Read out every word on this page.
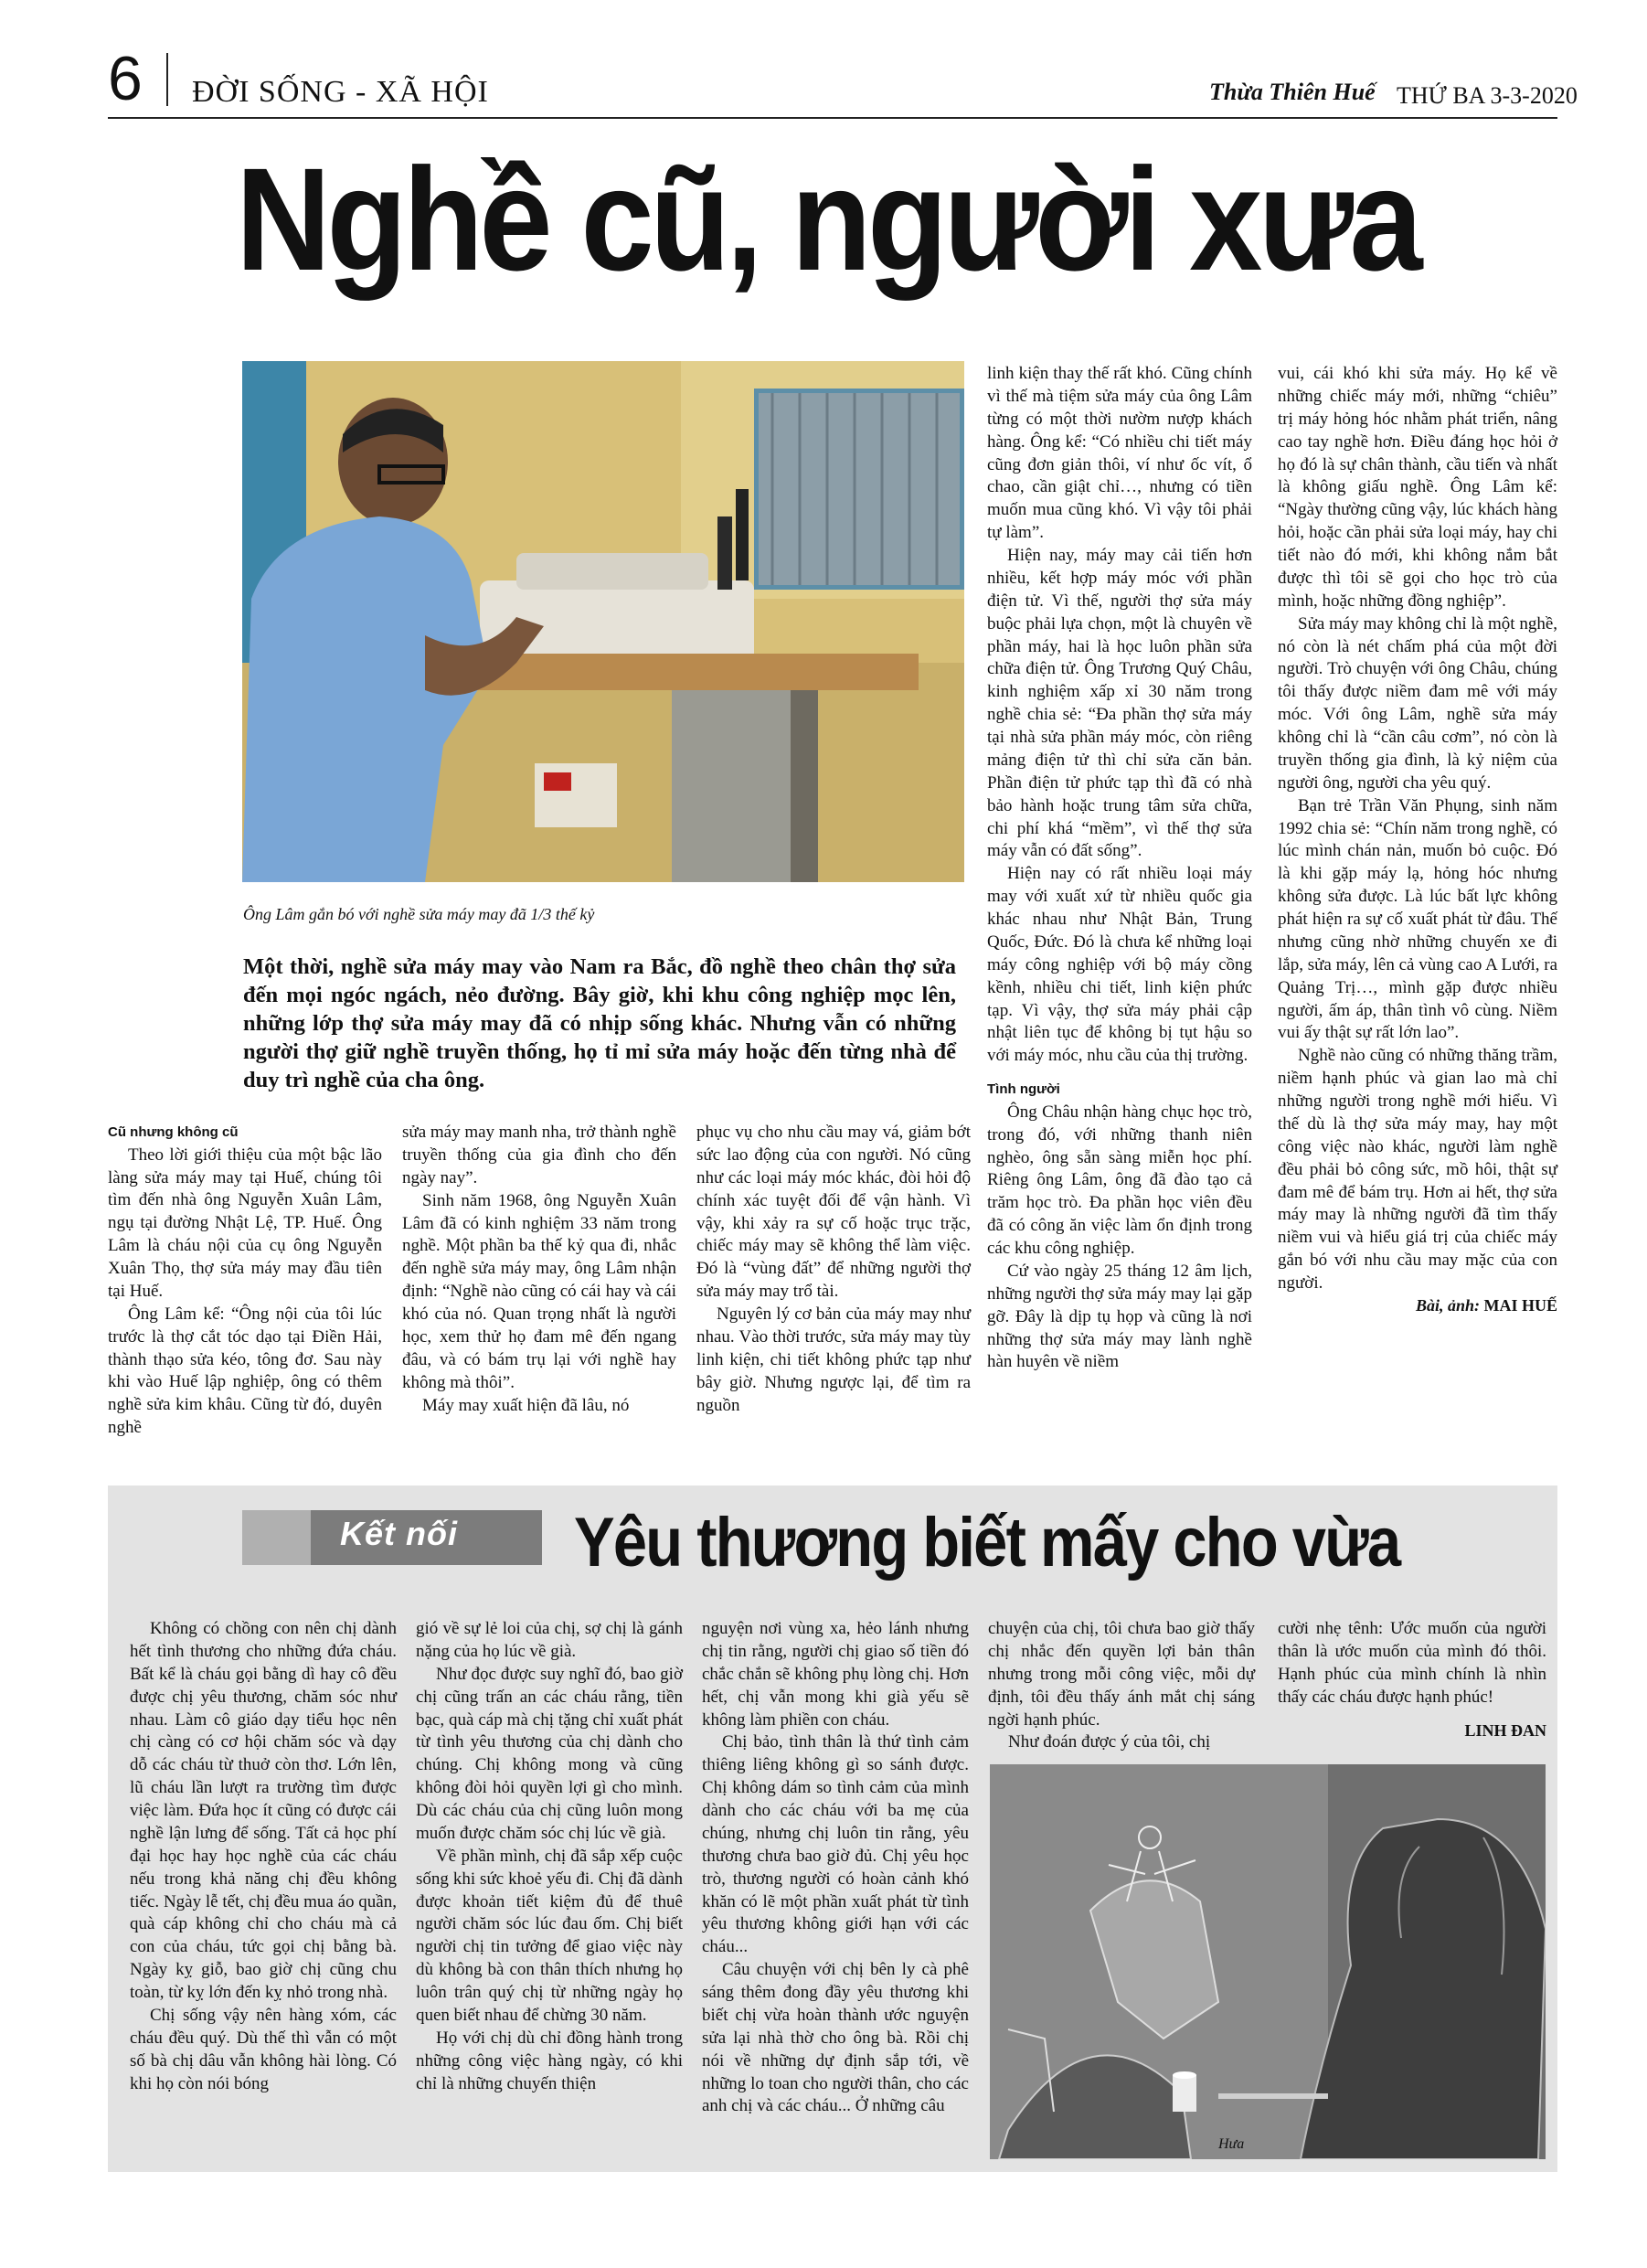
6 ĐỜI SỐNG - XÃ HỘI	Thừa Thiên Huế THỨ BA 3-3-2020
Nghề cũ, người xưa
Ông Lâm gắn bó với nghề sửa máy may đã 1/3 thế kỷ
Một thời, nghề sửa máy may vào Nam ra Bắc, đồ nghề theo chân thợ sửa đến mọi ngóc ngách, nẻo đường. Bây giờ, khi khu công nghiệp mọc lên, những lớp thợ sửa máy may đã có nhịp sống khác. Nhưng vẫn có những người thợ giữ nghề truyền thống, họ tỉ mỉ sửa máy hoặc đến từng nhà để duy trì nghề của cha ông.
Cũ nhưng không cũ

Theo lời giới thiệu của một bậc lão làng sửa máy may tại Huế, chúng tôi tìm đến nhà ông Nguyễn Xuân Lâm, ngụ tại đường Nhật Lệ, TP. Huế. Ông Lâm là cháu nội của cụ ông Nguyễn Xuân Thọ, thợ sửa máy may đầu tiên tại Huế.

Ông Lâm kể: “Ông nội của tôi lúc trước là thợ cắt tóc dạo tại Điền Hải, thành thạo sửa kéo, tông đơ. Sau này khi vào Huế lập nghiệp, ông có thêm nghề sửa kim khâu. Cũng từ đó, duyên nghề

sửa máy may manh nha, trở thành nghề truyền thống của gia đình cho đến ngày nay”.

Sinh năm 1968, ông Nguyễn Xuân Lâm đã có kinh nghiệm 33 năm trong nghề. Một phần ba thế kỷ qua đi, nhắc đến nghề sửa máy may, ông Lâm nhận định: “Nghề nào cũng có cái hay và cái khó của nó. Quan trọng nhất là người học, xem thử họ đam mê đến ngang đâu, và có bám trụ lại với nghề hay không mà thôi”.

Máy may xuất hiện đã lâu, nó

phục vụ cho nhu cầu may vá, giảm bớt sức lao động của con người. Nó cũng như các loại máy móc khác, đòi hỏi độ chính xác tuyệt đối để vận hành. Vì vậy, khi xảy ra sự cố hoặc trục trặc, chiếc máy may sẽ không thể làm việc. Đó là “vùng đất” để những người thợ sửa máy may trổ tài.

Nguyên lý cơ bản của máy may như nhau. Vào thời trước, sửa máy may tùy linh kiện, chi tiết không phức tạp như bây giờ. Nhưng ngược lại, để tìm ra nguồn

linh kiện thay thế rất khó. Cũng chính vì thế mà tiệm sửa máy của ông Lâm từng có một thời nườm nượp khách hàng. Ông kể: “Có nhiều chi tiết máy cũng đơn giản thôi, ví như ốc vít, ổ chao, cần giật chỉ…, nhưng có tiền muốn mua cũng khó. Vì vậy tôi phải tự làm”.

Hiện nay, máy may cải tiến hơn nhiều, kết hợp máy móc với phần điện tử. Vì thế, người thợ sửa máy buộc phải lựa chọn, một là chuyên về phần máy, hai là học luôn phần sửa chữa điện tử. Ông Trương Quý Châu, kinh nghiệm xấp xỉ 30 năm trong nghề chia sẻ: “Đa phần thợ sửa máy tại nhà sửa phần máy móc, còn riêng mảng điện tử thì chỉ sửa căn bản. Phần điện tử phức tạp thì đã có nhà bảo hành hoặc trung tâm sửa chữa, chi phí khá “mềm”, vì thế thợ sửa máy vẫn có đất sống”.

Hiện nay có rất nhiều loại máy may với xuất xứ từ nhiều quốc gia khác nhau như Nhật Bản, Trung Quốc, Đức. Đó là chưa kể những loại máy công nghiệp với bộ máy cồng kềnh, nhiều chi tiết, linh kiện phức tạp. Vì vậy, thợ sửa máy phải cập nhật liên tục để không bị tụt hậu so với máy móc, nhu cầu của thị trường.

Tình người

Ông Châu nhận hàng chục học trò, trong đó, với những thanh niên nghèo, ông sẵn sàng miễn học phí. Riêng ông Lâm, ông đã đào tạo cả trăm học trò. Đa phần học viên đều đã có công ăn việc làm ổn định trong các khu công nghiệp.

Cứ vào ngày 25 tháng 12 âm lịch, những người thợ sửa máy may lại gặp gỡ. Đây là dịp tụ họp và cũng là nơi những thợ sửa máy may lành nghề hàn huyên về niềm

vui, cái khó khi sửa máy. Họ kể về những chiếc máy mới, những “chiêu” trị máy hỏng hóc nhằm phát triển, nâng cao tay nghề hơn. Điều đáng học hỏi ở họ đó là sự chân thành, cầu tiến và nhất là không giấu nghề. Ông Lâm kể: “Ngày thường cũng vậy, lúc khách hàng hỏi, hoặc cần phải sửa loại máy, hay chi tiết nào đó mới, khi không nắm bắt được thì tôi sẽ gọi cho học trò của mình, hoặc những đồng nghiệp”.

Sửa máy may không chỉ là một nghề, nó còn là nét chấm phá của một đời người. Trò chuyện với ông Châu, chúng tôi thấy được niềm đam mê với máy móc. Với ông Lâm, nghề sửa máy không chỉ là “cần câu cơm”, nó còn là truyền thống gia đình, là kỷ niệm của người ông, người cha yêu quý.

Bạn trẻ Trần Văn Phụng, sinh năm 1992 chia sẻ: “Chín năm trong nghề, có lúc mình chán nản, muốn bỏ cuộc. Đó là khi gặp máy lạ, hỏng hóc nhưng không sửa được. Là lúc bất lực không phát hiện ra sự cố xuất phát từ đâu. Thế nhưng cũng nhờ những chuyến xe đi lắp, sửa máy, lên cả vùng cao A Lưới, ra Quảng Trị…, mình gặp được nhiều người, ấm áp, thân tình vô cùng. Niềm vui ấy thật sự rất lớn lao”.

Nghề nào cũng có những thăng trầm, niềm hạnh phúc và gian lao mà chỉ những người trong nghề mới hiểu. Vì thế dù là thợ sửa máy may, hay một công việc nào khác, người làm nghề đều phải bỏ công sức, mồ hôi, thật sự đam mê để bám trụ. Hơn ai hết, thợ sửa máy may là những người đã tìm thấy niềm vui và hiểu giá trị của chiếc máy gắn bó với nhu cầu may mặc của con người.

Bài, ảnh: MAI HUẾ
Kết nối Yêu thương biết mấy cho vừa

Không có chồng con nên chị dành hết tình thương cho những đứa cháu. Bất kể là cháu gọi bằng dì hay cô đều được chị yêu thương, chăm sóc như nhau. Làm cô giáo dạy tiểu học nên chị càng có cơ hội chăm sóc và dạy dỗ các cháu từ thuở còn thơ. Lớn lên, lũ cháu lần lượt ra trường tìm được việc làm. Đứa học ít cũng có được cái nghề lận lưng để sống. Tất cả học phí đại học hay học nghề của các cháu nếu trong khả năng chị đều không tiếc. Ngày lễ tết, chị đều mua áo quần, quà cáp không chỉ cho cháu mà cả con của cháu, tức gọi chị bằng bà. Ngày kỵ giỗ, bao giờ chị cũng chu toàn, từ kỵ lớn đến kỵ nhỏ trong nhà.

Chị sống vậy nên hàng xóm, các cháu đều quý. Dù thế thì vẫn có một số bà chị dâu vẫn không hài lòng. Có khi họ còn nói bóng

gió về sự lẻ loi của chị, sợ chị là gánh nặng của họ lúc về già.

Như đọc được suy nghĩ đó, bao giờ chị cũng trấn an các cháu rằng, tiền bạc, quà cáp mà chị tặng chỉ xuất phát từ tình yêu thương của chị dành cho chúng. Chị không mong và cũng không đòi hỏi quyền lợi gì cho mình. Dù các cháu của chị cũng luôn mong muốn được chăm sóc chị lúc về già.

Về phần mình, chị đã sắp xếp cuộc sống khi sức khoẻ yếu đi. Chị đã dành được khoản tiết kiệm đủ để thuê người chăm sóc lúc đau ốm. Chị biết người chị tin tưởng để giao việc này dù không bà con thân thích nhưng họ luôn trân quý chị từ những ngày họ quen biết nhau để chừng 30 năm.

Họ với chị dù chỉ đồng hành trong những công việc hàng ngày, có khi chỉ là những chuyến thiện

nguyện nơi vùng xa, hẻo lánh nhưng chị tin rằng, người chị giao số tiền đó chắc chắn sẽ không phụ lòng chị. Hơn hết, chị vẫn mong khi già yếu sẽ không làm phiền con cháu.

Chị bảo, tình thân là thứ tình cảm thiêng liêng không gì so sánh được. Chị không dám so tình cảm của mình dành cho các cháu với ba mẹ của chúng, nhưng chị luôn tin rằng, yêu thương chưa bao giờ đủ. Chị yêu học trò, thương người có hoàn cảnh khó khăn có lẽ một phần xuất phát từ tình yêu thương không giới hạn với các cháu...

Câu chuyện với chị bên ly cà phê sáng thêm đong đầy yêu thương khi biết chị vừa hoàn thành ước nguyện sửa lại nhà thờ cho ông bà. Rồi chị nói về những dự định sắp tới, về những lo toan cho người thân, cho các anh chị và các cháu... Ở những câu

chuyện của chị, tôi chưa bao giờ thấy chị nhắc đến quyền lợi bản thân nhưng trong mỗi công việc, mỗi dự định, tôi đều thấy ánh mắt chị sáng ngời hạnh phúc.

Như đoán được ý của tôi, chị

cười nhẹ tênh: Ước muốn của người thân là ước muốn của mình đó thôi. Hạnh phúc của mình chính là nhìn thấy các cháu được hạnh phúc!

LINH ĐAN
Hưa
